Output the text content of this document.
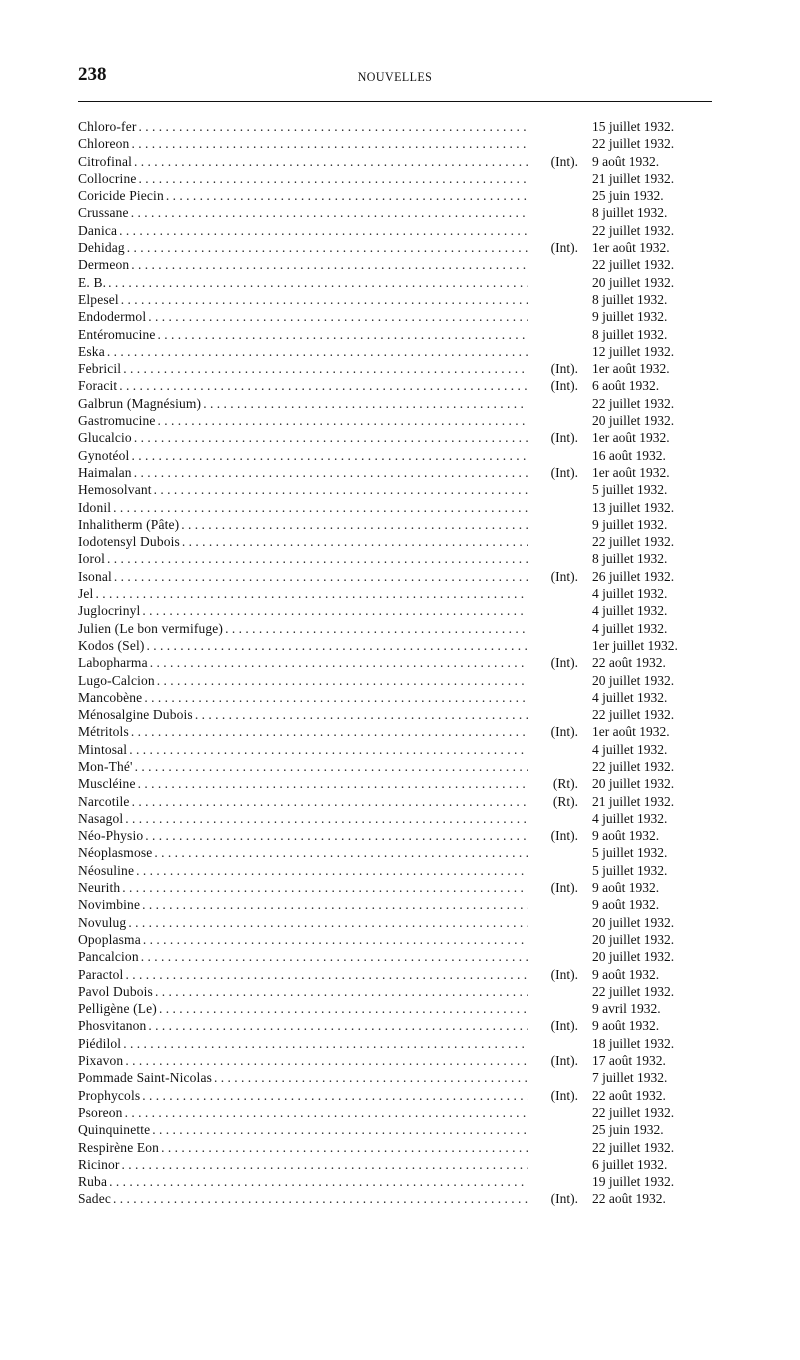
238	NOUVELLES
Chloro-fer . . .	15 juillet 1932.
Chloreon . . .	22 juillet 1932.
Citrofinal . . .	(Int). 9 août 1932.
Collocrine . . .	21 juillet 1932.
Coricide Piecin . . .	25 juin 1932.
Crussane . . .	8 juillet 1932.
Danica . . .	22 juillet 1932.
Dehidag . . .	(Int). 1er août 1932.
Dermeon . . .	22 juillet 1932.
E. B. . . .	20 juillet 1932.
Elpesel . . .	8 juillet 1932.
Endodermol . . .	9 juillet 1932.
Entéromucine . . .	8 juillet 1932.
Eska . . .	12 juillet 1932.
Febricil . . .	(Int). 1er août 1932.
Foracit . . .	(Int). 6 août 1932.
Galbrun (Magnésium) . . .	22 juillet 1932.
Gastromucine . . .	20 juillet 1932.
Glucalcio . . .	(Int). 1er août 1932.
Gynotéol . . .	16 août 1932.
Haimalan . . .	(Int). 1er août 1932.
Hemosolvant . . .	5 juillet 1932.
Idonil . . .	13 juillet 1932.
Inhalitherm (Pâte) . . .	9 juillet 1932.
Iodotensyl Dubois . . .	22 juillet 1932.
Iorol . . .	8 juillet 1932.
Isonal . . .	(Int). 26 juillet 1932.
Jel . . .	4 juillet 1932.
Juglocrinyl . . .	4 juillet 1932.
Julien (Le bon vermifuge) . . .	4 juillet 1932.
Kodos (Sel) . . .	1er juillet 1932.
Labopharma . . .	(Int). 22 août 1932.
Lugo-Calcion . . .	20 juillet 1932.
Mancobène . . .	4 juillet 1932.
Ménosalgine Dubois . . .	22 juillet 1932.
Métritols . . .	(Int). 1er août 1932.
Mintosal . . .	4 juillet 1932.
Mon-Thé' . . .	22 juillet 1932.
Muscléine . . .	(Rt). 20 juillet 1932.
Narcotile . . .	(Rt). 21 juillet 1932.
Nasagol . . .	4 juillet 1932.
Néo-Physio . . .	(Int). 9 août 1932.
Néoplasmose . . .	5 juillet 1932.
Néosuline . . .	5 juillet 1932.
Neurith . . .	(Int). 9 août 1932.
Novimbine . . .	9 août 1932.
Novulug . . .	20 juillet 1932.
Opoplasma . . .	20 juillet 1932.
Pancalcion . . .	20 juillet 1932.
Paractol . . .	(Int). 9 août 1932.
Pavol Dubois . . .	22 juillet 1932.
Pelligène (Le) . . .	9 avril 1932.
Phosvitanon . . .	(Int). 9 août 1932.
Piédilol . . .	18 juillet 1932.
Pixavon . . .	(Int). 17 août 1932.
Pommade Saint-Nicolas . . .	7 juillet 1932.
Prophycols . . .	(Int). 22 août 1932.
Psoreon . . .	22 juillet 1932.
Quinquinette . . .	25 juin 1932.
Respirène Eon . . .	22 juillet 1932.
Ricinor . . .	6 juillet 1932.
Ruba . . .	19 juillet 1932.
Sadec . . .	(Int). 22 août 1932.
